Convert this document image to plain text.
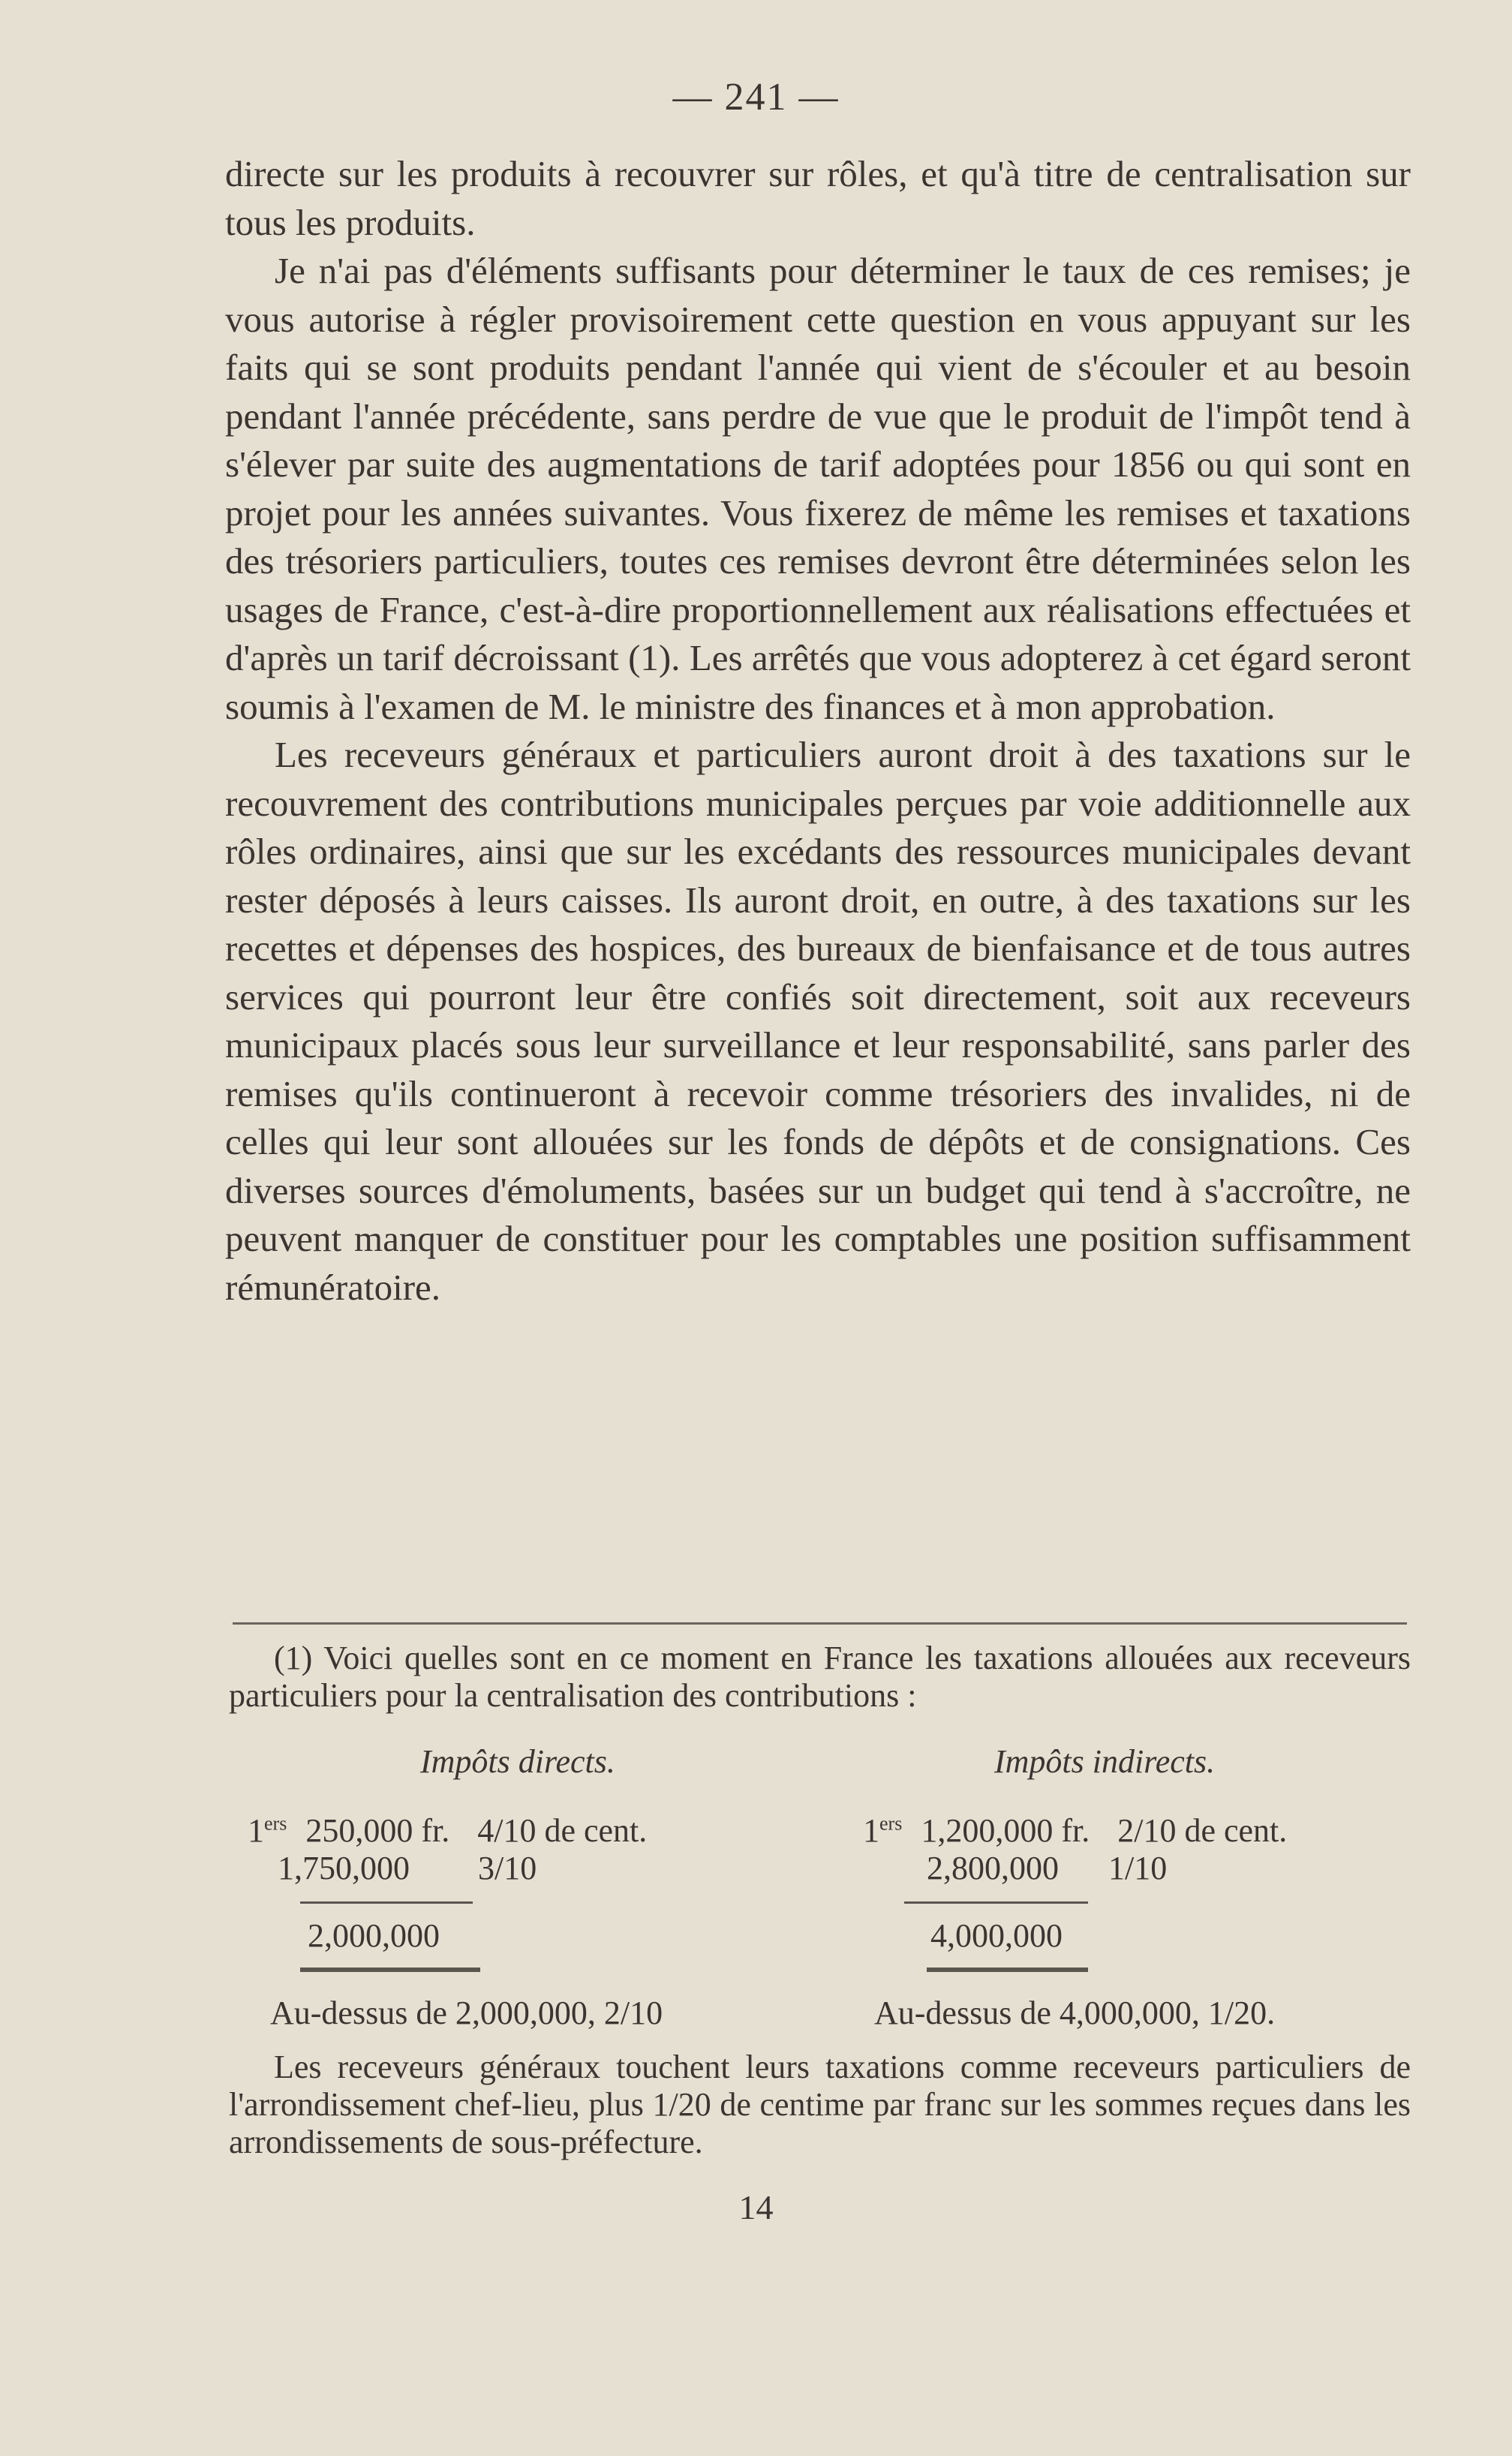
— 241 —

directe sur les produits à recouvrer sur rôles, et qu'à titre de centralisation sur tous les produits.

Je n'ai pas d'éléments suffisants pour déterminer le taux de ces remises; je vous autorise à régler provisoirement cette question en vous appuyant sur les faits qui se sont produits pendant l'année qui vient de s'écouler et au besoin pendant l'année précédente, sans perdre de vue que le produit de l'impôt tend à s'élever par suite des augmentations de tarif adoptées pour 1856 ou qui sont en projet pour les années suivantes. Vous fixerez de même les remises et taxations des trésoriers particuliers, toutes ces remises devront être déterminées selon les usages de France, c'est-à-dire proportionnellement aux réalisations effectuées et d'après un tarif décroissant (1). Les arrêtés que vous adopterez à cet égard seront soumis à l'examen de M. le ministre des finances et à mon approbation.

Les receveurs généraux et particuliers auront droit à des taxations sur le recouvrement des contributions municipales perçues par voie additionnelle aux rôles ordinaires, ainsi que sur les excédants des ressources municipales devant rester déposés à leurs caisses. Ils auront droit, en outre, à des taxations sur les recettes et dépenses des hospices, des bureaux de bienfaisance et de tous autres services qui pourront leur être confiés soit directement, soit aux receveurs municipaux placés sous leur surveillance et leur responsabilité, sans parler des remises qu'ils continueront à recevoir comme trésoriers des invalides, ni de celles qui leur sont allouées sur les fonds de dépôts et de consignations. Ces diverses sources d'émoluments, basées sur un budget qui tend à s'accroître, ne peuvent manquer de constituer pour les comptables une position suffisamment rémunératoire.

(1) Voici quelles sont en ce moment en France les taxations allouées aux receveurs particuliers pour la centralisation des contributions :

Impôts directs.
1ers 250,000 fr. 4/10 de cent.
1,750,000 3/10
2,000,000
Au-dessus de 2,000,000, 2/10
Impôts indirects.
1ers 1,200,000 fr. 2/10 de cent.
2,800,000 1/10
4,000,000
Au-dessus de 4,000,000, 1/20.

Les receveurs généraux touchent leurs taxations comme receveurs particuliers de l'arrondissement chef-lieu, plus 1/20 de centime par franc sur les sommes reçues dans les arrondissements de sous-préfecture.

14
